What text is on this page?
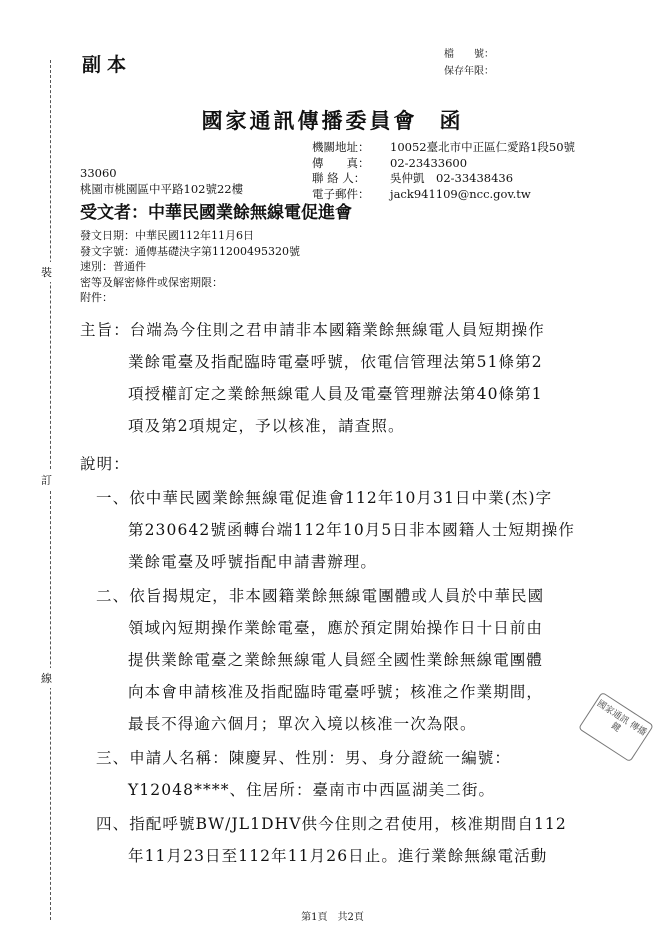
裝
訂
線
副本	檔　　號：
保存年限：
國家通訊傳播委員會 函
機關地址： 10052臺北市中正區仁愛路1段50號
傳　　真： 02-23433600
聯 絡 人： 吳仲凱　02-33438436
電子郵件： jack941109@ncc.gov.tw
33060
桃園市桃園區中平路102號22樓
受文者：中華民國業餘無線電促進會
發文日期：中華民國112年11月6日
發文字號：通傳基礎決字第11200495320號
速別：普通件
密等及解密條件或保密期限：
附件：
主旨：台端為今住則之君申請非本國籍業餘無線電人員短期操作
業餘電臺及指配臨時電臺呼號，依電信管理法第51條第2
項授權訂定之業餘無線電人員及電臺管理辦法第40條第1
項及第2項規定，予以核准，請查照。
說明：
一、依中華民國業餘無線電促進會112年10月31日中業(杰)字
第230642號函轉台端112年10月5日非本國籍人士短期操作
業餘電臺及呼號指配申請書辦理。
二、依旨揭規定，非本國籍業餘無線電團體或人員於中華民國
領域內短期操作業餘電臺，應於預定開始操作日十日前由
提供業餘電臺之業餘無線電人員經全國性業餘無線電團體
向本會申請核准及指配臨時電臺呼號；核准之作業期間，
最長不得逾六個月；單次入境以核准一次為限。
三、申請人名稱：陳慶昇、性別：男、身分證統一編號：
Y12048****、住居所：臺南市中西區湖美二街。
四、指配呼號BW/JL1DHV供今住則之君使用，核准期間自112
年11月23日至112年11月26日止。進行業餘無線電活動
國家通訊 傳播 鍵
第1頁　共2頁
